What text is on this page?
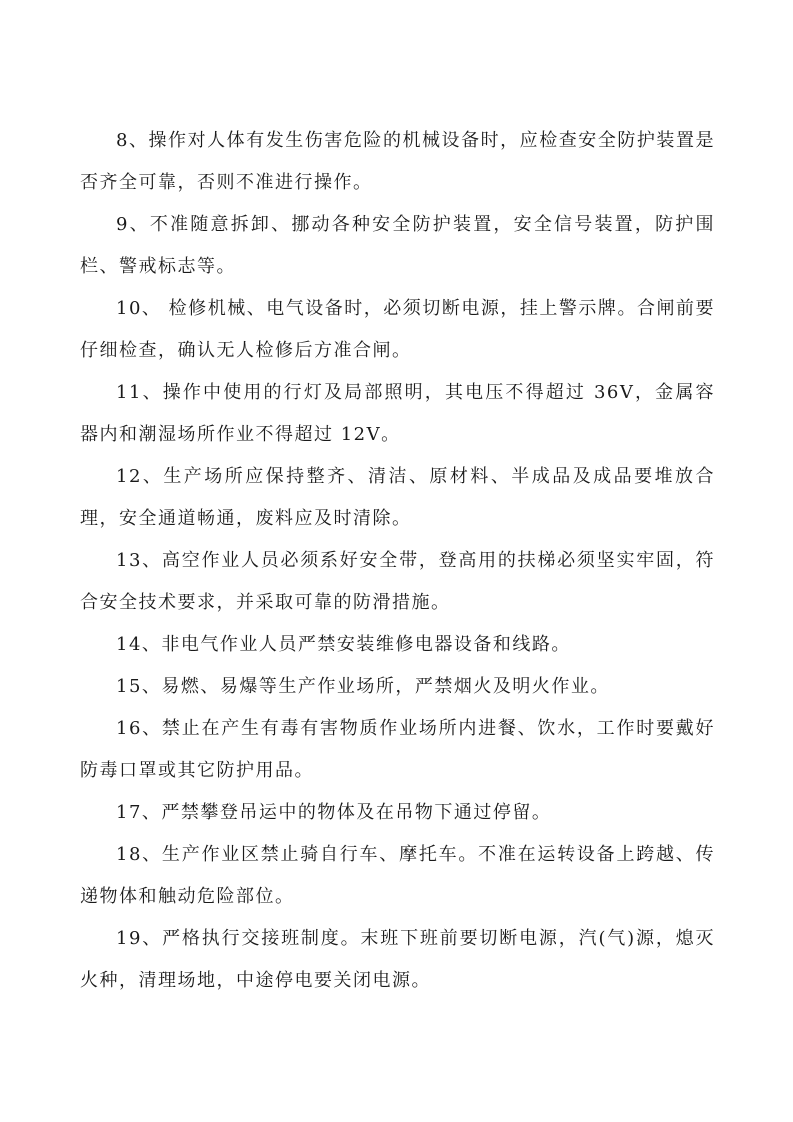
8、操作对人体有发生伤害危险的机械设备时，应检查安全防护装置是否齐全可靠，否则不准进行操作。

9、不准随意拆卸、挪动各种安全防护装置，安全信号装置，防护围栏、警戒标志等。

10、 检修机械、电气设备时，必须切断电源，挂上警示牌。合闸前要仔细检查，确认无人检修后方准合闸。

11、操作中使用的行灯及局部照明，其电压不得超过 36V，金属容器内和潮湿场所作业不得超过 12V。

12、生产场所应保持整齐、清洁、原材料、半成品及成品要堆放合理，安全通道畅通，废料应及时清除。

13、高空作业人员必须系好安全带，登高用的扶梯必须坚实牢固，符合安全技术要求，并采取可靠的防滑措施。

14、非电气作业人员严禁安装维修电器设备和线路。

15、易燃、易爆等生产作业场所，严禁烟火及明火作业。

16、禁止在产生有毒有害物质作业场所内进餐、饮水，工作时要戴好防毒口罩或其它防护用品。

17、严禁攀登吊运中的物体及在吊物下通过停留。

18、生产作业区禁止骑自行车、摩托车。不准在运转设备上跨越、传递物体和触动危险部位。

19、严格执行交接班制度。末班下班前要切断电源，汽(气)源，熄灭火种，清理场地，中途停电要关闭电源。
